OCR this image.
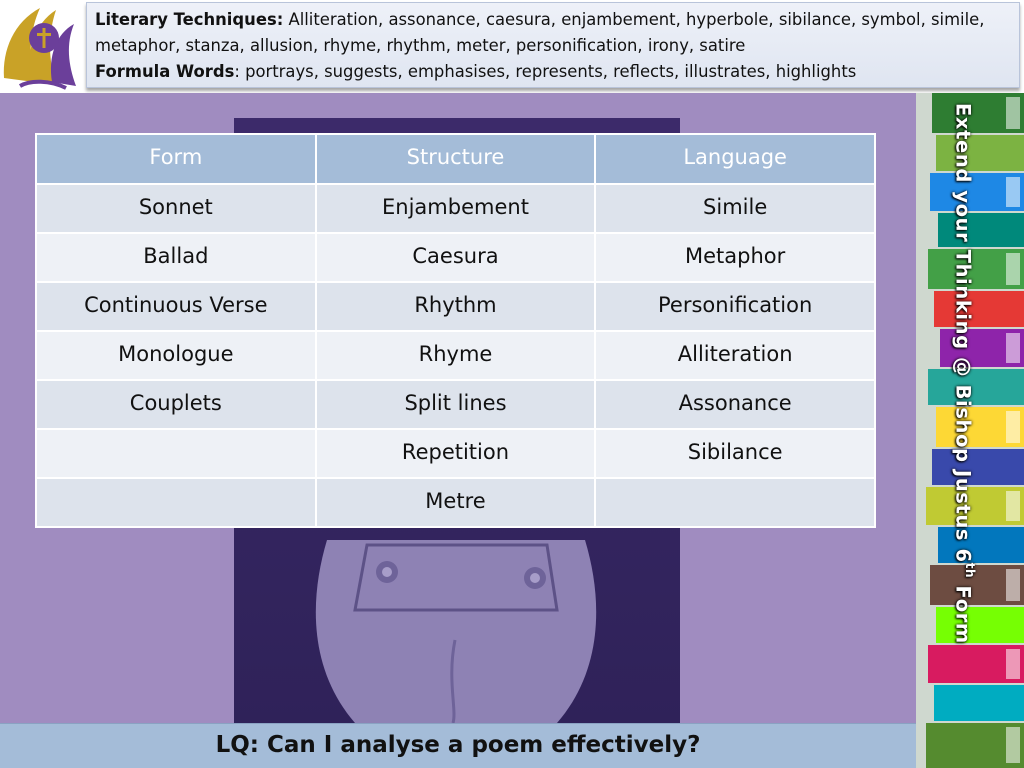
Literary Techniques: Alliteration, assonance, caesura, enjambement, hyperbole, sibilance, symbol, simile, metaphor, stanza, allusion, rhyme, rhythm, meter, personification, irony, satire
Formula Words: portrays, suggests, emphasises, represents, reflects, illustrates, highlights
Form	Structure	Language
Sonnet	Enjambement	Simile
Ballad	Caesura	Metaphor
Continuous Verse	Rhythm	Personification
Monologue	Rhyme	Alliteration
Couplets	Split lines	Assonance
	Repetition	Sibilance
	Metre		Extend your Thinking @ Bishop Justus 6th Form
LQ: Can I analyse a poem effectively?
